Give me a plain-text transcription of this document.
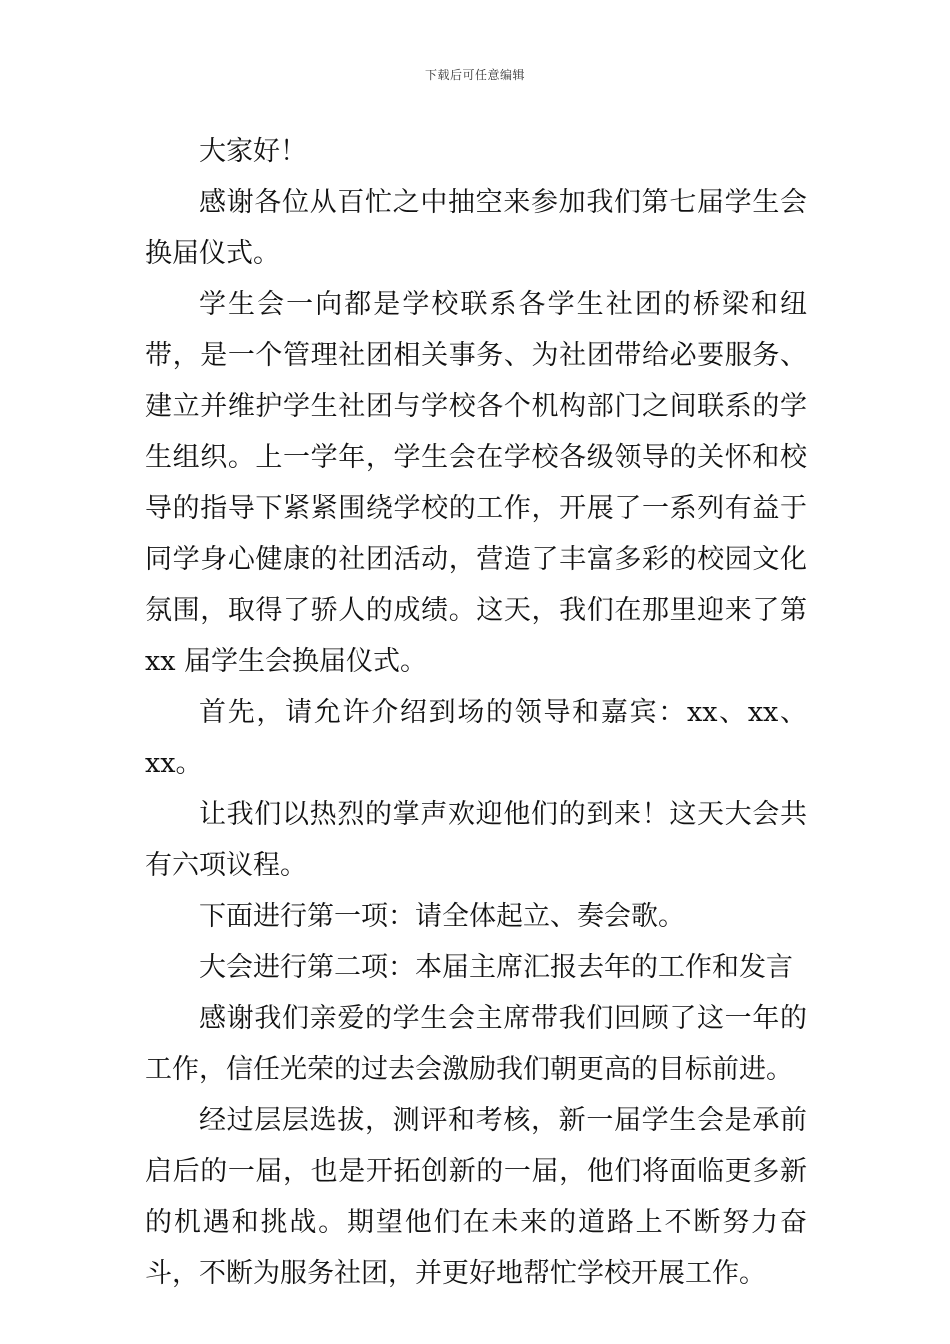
下载后可任意编辑

大家好！

感谢各位从百忙之中抽空来参加我们第七届学生会换届仪式。

学生会一向都是学校联系各学生社团的桥梁和纽带，是一个管理社团相关事务、为社团带给必要服务、建立并维护学生社团与学校各个机构部门之间联系的学生组织。上一学年，学生会在学校各级领导的关怀和校导的指导下紧紧围绕学校的工作，开展了一系列有益于同学身心健康的社团活动，营造了丰富多彩的校园文化氛围，取得了骄人的成绩。这天，我们在那里迎来了第 xx 届学生会换届仪式。

首先，请允许介绍到场的领导和嘉宾：xx、xx、xx。

让我们以热烈的掌声欢迎他们的到来！这天大会共有六项议程。

下面进行第一项：请全体起立、奏会歌。

大会进行第二项：本届主席汇报去年的工作和发言

感谢我们亲爱的学生会主席带我们回顾了这一年的工作，信任光荣的过去会激励我们朝更高的目标前进。

经过层层选拔，测评和考核，新一届学生会是承前启后的一届，也是开拓创新的一届，他们将面临更多新的机遇和挑战。期望他们在未来的道路上不断努力奋斗，不断为服务社团，并更好地帮忙学校开展工作。
